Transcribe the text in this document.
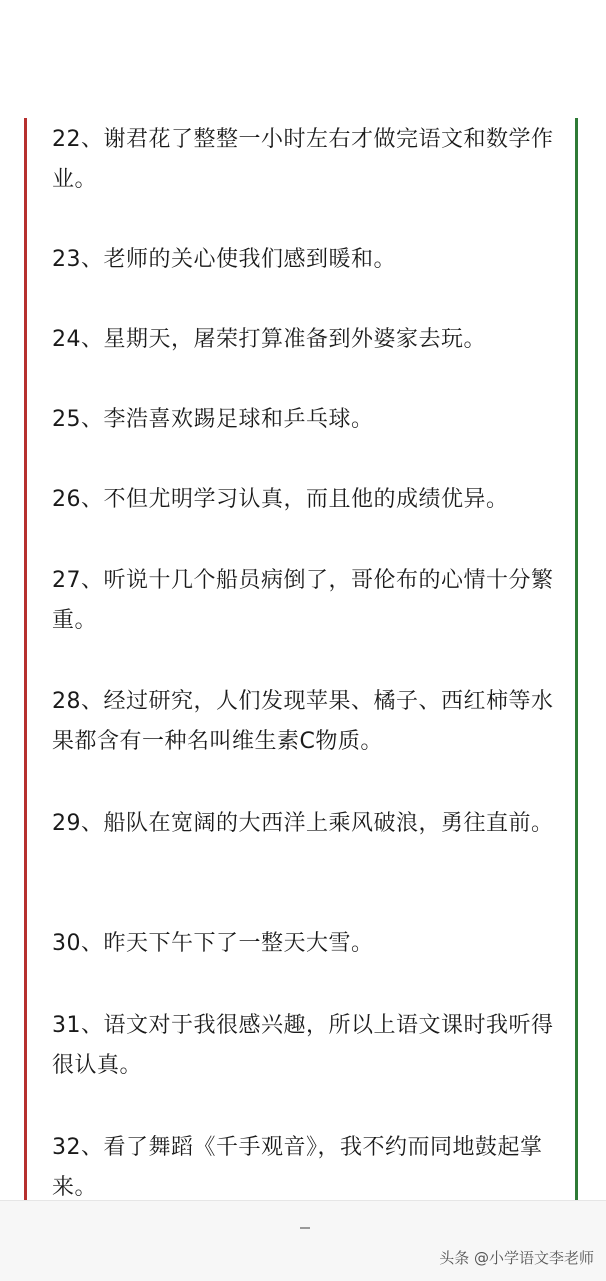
22、谢君花了整整一小时左右才做完语文和数学作业。

23、老师的关心使我们感到暖和。

24、星期天，屠荣打算准备到外婆家去玩。

25、李浩喜欢踢足球和乒乓球。

26、不但尤明学习认真，而且他的成绩优异。

27、听说十几个船员病倒了，哥伦布的心情十分繁重。

28、经过研究，人们发现苹果、橘子、西红柿等水果都含有一种名叫维生素C物质。

29、船队在宽阔的大西洋上乘风破浪，勇往直前。

30、昨天下午下了一整天大雪。

31、语文对于我很感兴趣，所以上语文课时我听得很认真。

32、看了舞蹈《千手观音》，我不约而同地鼓起掌来。

头条 @小学语文李老师
